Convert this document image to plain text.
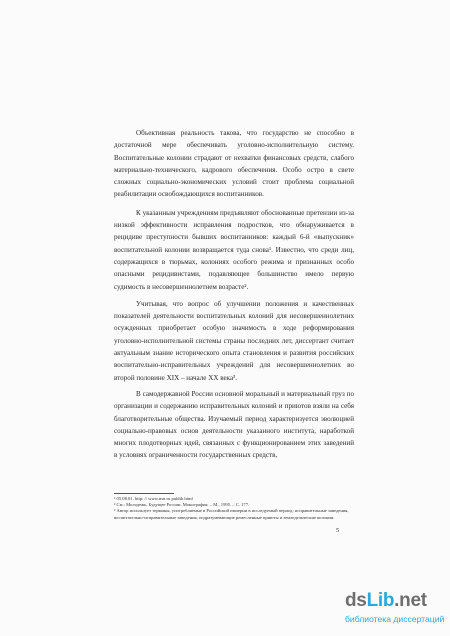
Объективная реальность такова, что государство не способно в достаточной мере обеспечивать уголовно-исполнительную систему. Воспитательные колонии страдают от нехватки финансовых средств, слабого материально-технического, кадрового обеспечения. Особо остро в свете сложных социально-экономических условий стоит проблема социальной реабилитации освобождающихся воспитанников.

К указанным учреждениям предъявляют обоснованные претензии из-за низкой эффективности исправления подростков, что обнаруживается в рецидиве преступности бывших воспитанников: каждый 6-й «выпускник» воспитательной колонии возвращается туда снова¹. Известно, что среди лиц, содержащихся в тюрьмах, колониях особого режима и признанных особо опасными рецидивистами, подавляющее большинство имело первую судимость в несовершеннолетнем возрасте².

Учитывая, что вопрос об улучшении положения и качественных показателей деятельности воспитательных колоний для несовершеннолетних осужденных приобретает особую значимость в ходе реформирования уголовно-исполнительной системы страны последних лет, диссертант считает актуальным знание исторического опыта становления и развития российских воспитательно-исправительных учреждений для несовершеннолетних во второй половине XIX – начале XX века³.

В самодержавной России основной моральный и материальный груз по организации и содержанию исправительных колоний и приютов взяли на себя благотворительные общества. Изучаемый период характеризуется эволюцией социально-правовых основ деятельности указанного института, наработкой многих плодотворных идей, связанных с функционированием этих заведений в условиях ограниченности государственных средств,

¹ 05.08.01. http: // www.nsn.ru publik.html

² См.: Молодежь. Будущее России. Монография. – М., 1995. – С. 177.

³ Автор использует термины, употребляемые в Российской империи в исследуемый период: исправительные заведения, воспитательно-исправительные заведения, подразумевающие ремесленные приюты и земледельческие колонии.

5
dsLib.net
библиотека диссертаций
